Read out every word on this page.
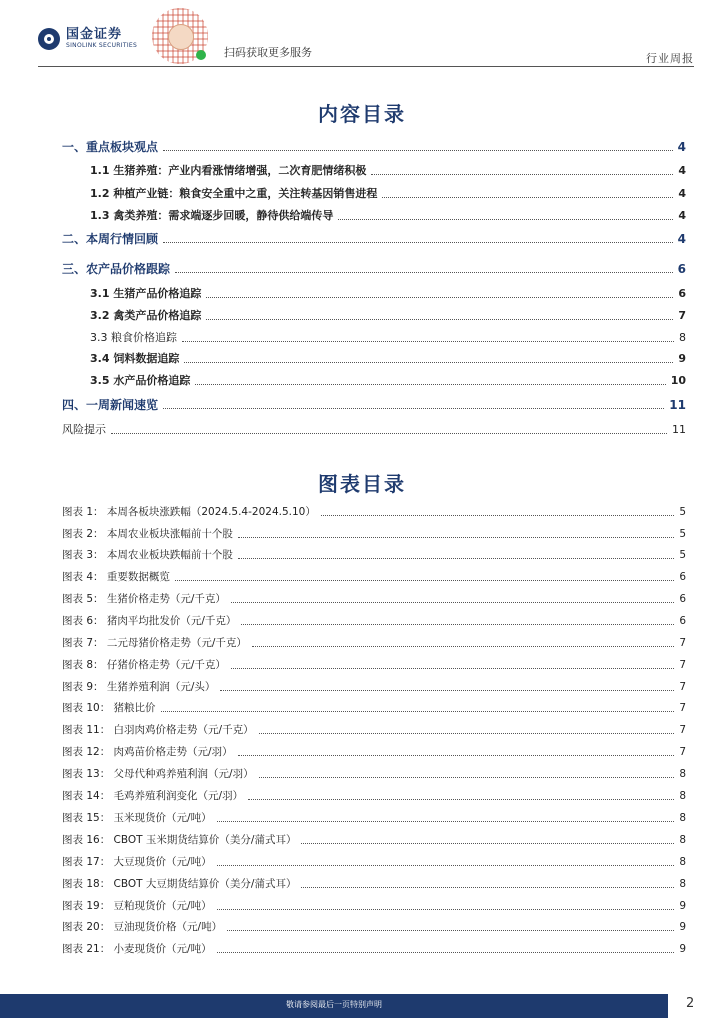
国金证券
SINOLINK SECURITIES
扫码获取更多服务	行业周报
内容目录
一、重点板块观点	4
1.1 生猪养殖：产业内看涨情绪增强，二次育肥情绪积极	4
1.2 种植产业链：粮食安全重中之重，关注转基因销售进程	4
1.3 禽类养殖：需求端逐步回暖，静待供给端传导	4
二、本周行情回顾	4
三、农产品价格跟踪	6
3.1 生猪产品价格追踪	6
3.2 禽类产品价格追踪	7
3.3 粮食价格追踪	8
3.4 饲料数据追踪	9
3.5 水产品价格追踪	10
四、一周新闻速览	11
风险提示	11
图表目录
图表 1： 本周各板块涨跌幅（2024.5.4-2024.5.10）	5
图表 2： 本周农业板块涨幅前十个股	5
图表 3： 本周农业板块跌幅前十个股	5
图表 4： 重要数据概览	6
图表 5： 生猪价格走势（元/千克）	6
图表 6： 猪肉平均批发价（元/千克）	6
图表 7： 二元母猪价格走势（元/千克）	7
图表 8： 仔猪价格走势（元/千克）	7
图表 9： 生猪养殖利润（元/头）	7
图表 10： 猪粮比价	7
图表 11： 白羽肉鸡价格走势（元/千克）	7
图表 12： 肉鸡苗价格走势（元/羽）	7
图表 13： 父母代种鸡养殖利润（元/羽）	8
图表 14： 毛鸡养殖利润变化（元/羽）	8
图表 15： 玉米现货价（元/吨）	8
图表 16： CBOT 玉米期货结算价（美分/蒲式耳）	8
图表 17： 大豆现货价（元/吨）	8
图表 18： CBOT 大豆期货结算价（美分/蒲式耳）	8
图表 19： 豆粕现货价（元/吨）	9
图表 20： 豆油现货价格（元/吨）	9
图表 21： 小麦现货价（元/吨）	9
敬请参阅最后一页特别声明	2
